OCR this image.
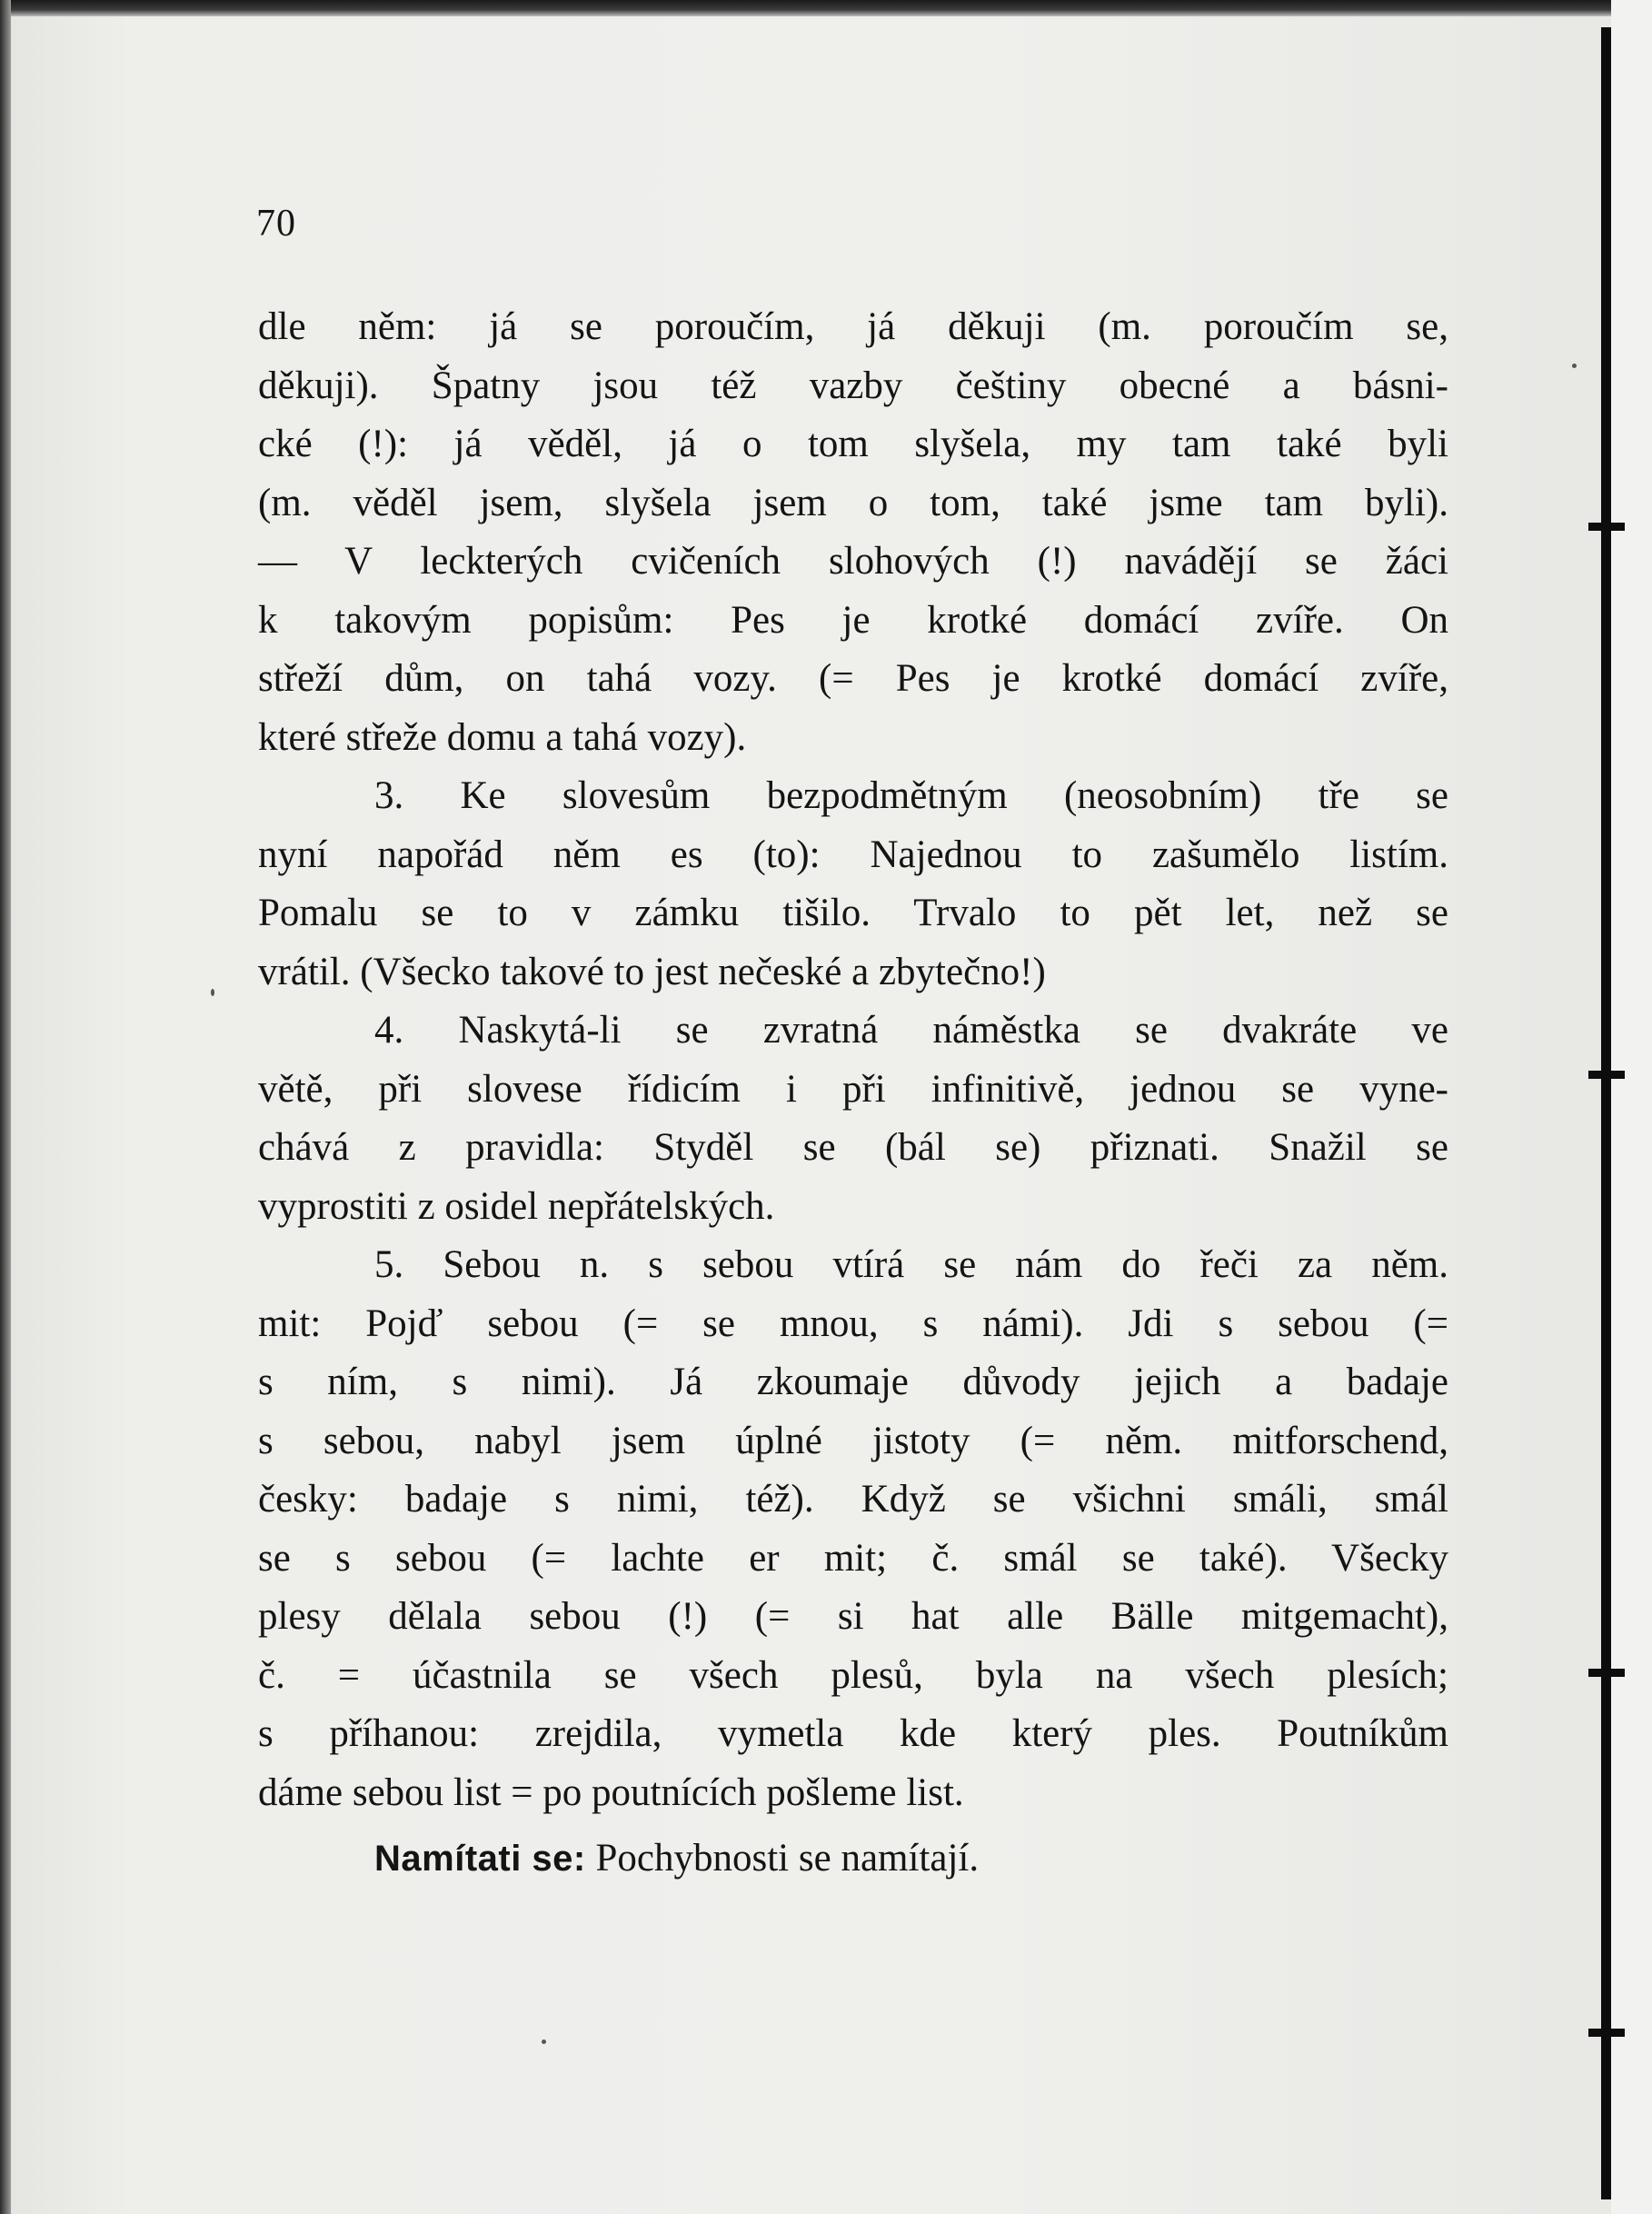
70
dle něm: já se poroučím, já děkuji (m. poroučím se,
děkuji). Špatny jsou též vazby češtiny obecné a básni-
cké (!): já věděl, já o tom slyšela, my tam také byli
(m. věděl jsem, slyšela jsem o tom, také jsme tam byli).
— V leckterých cvičeních slohových (!) navádějí se žáci
k takovým popisům: Pes je krotké domácí zvíře. On
střeží dům, on tahá vozy. (= Pes je krotké domácí zvíře,
které střeže domu a tahá vozy).
3. Ke slovesům bezpodmětným (neosobním) tře se
nyní napořád něm es (to): Najednou to zašumělo listím.
Pomalu se to v zámku tišilo. Trvalo to pět let, než se
vrátil. (Všecko takové to jest nečeské a zbytečno!)
4. Naskytá-li se zvratná náměstka se dvakráte ve
větě, při slovese řídicím i při infinitivě, jednou se vyne-
chává z pravidla: Styděl se (bál se) přiznati. Snažil se
vyprostiti z osidel nepřátelských.
5. Sebou n. s sebou vtírá se nám do řeči za něm.
mit: Pojď sebou (= se mnou, s námi). Jdi s sebou (=
s ním, s nimi). Já zkoumaje důvody jejich a badaje
s sebou, nabyl jsem úplné jistoty (= něm. mitforschend,
česky: badaje s nimi, též). Když se všichni smáli, smál
se s sebou (= lachte er mit; č. smál se také). Všecky
plesy dělala sebou (!) (= si hat alle Bälle mitgemacht),
č. = účastnila se všech plesů, byla na všech plesích;
s příhanou: zrejdila, vymetla kde který ples. Poutníkům
dáme sebou list = po poutnících pošleme list.
Namítati se: Pochybnosti se namítají.
